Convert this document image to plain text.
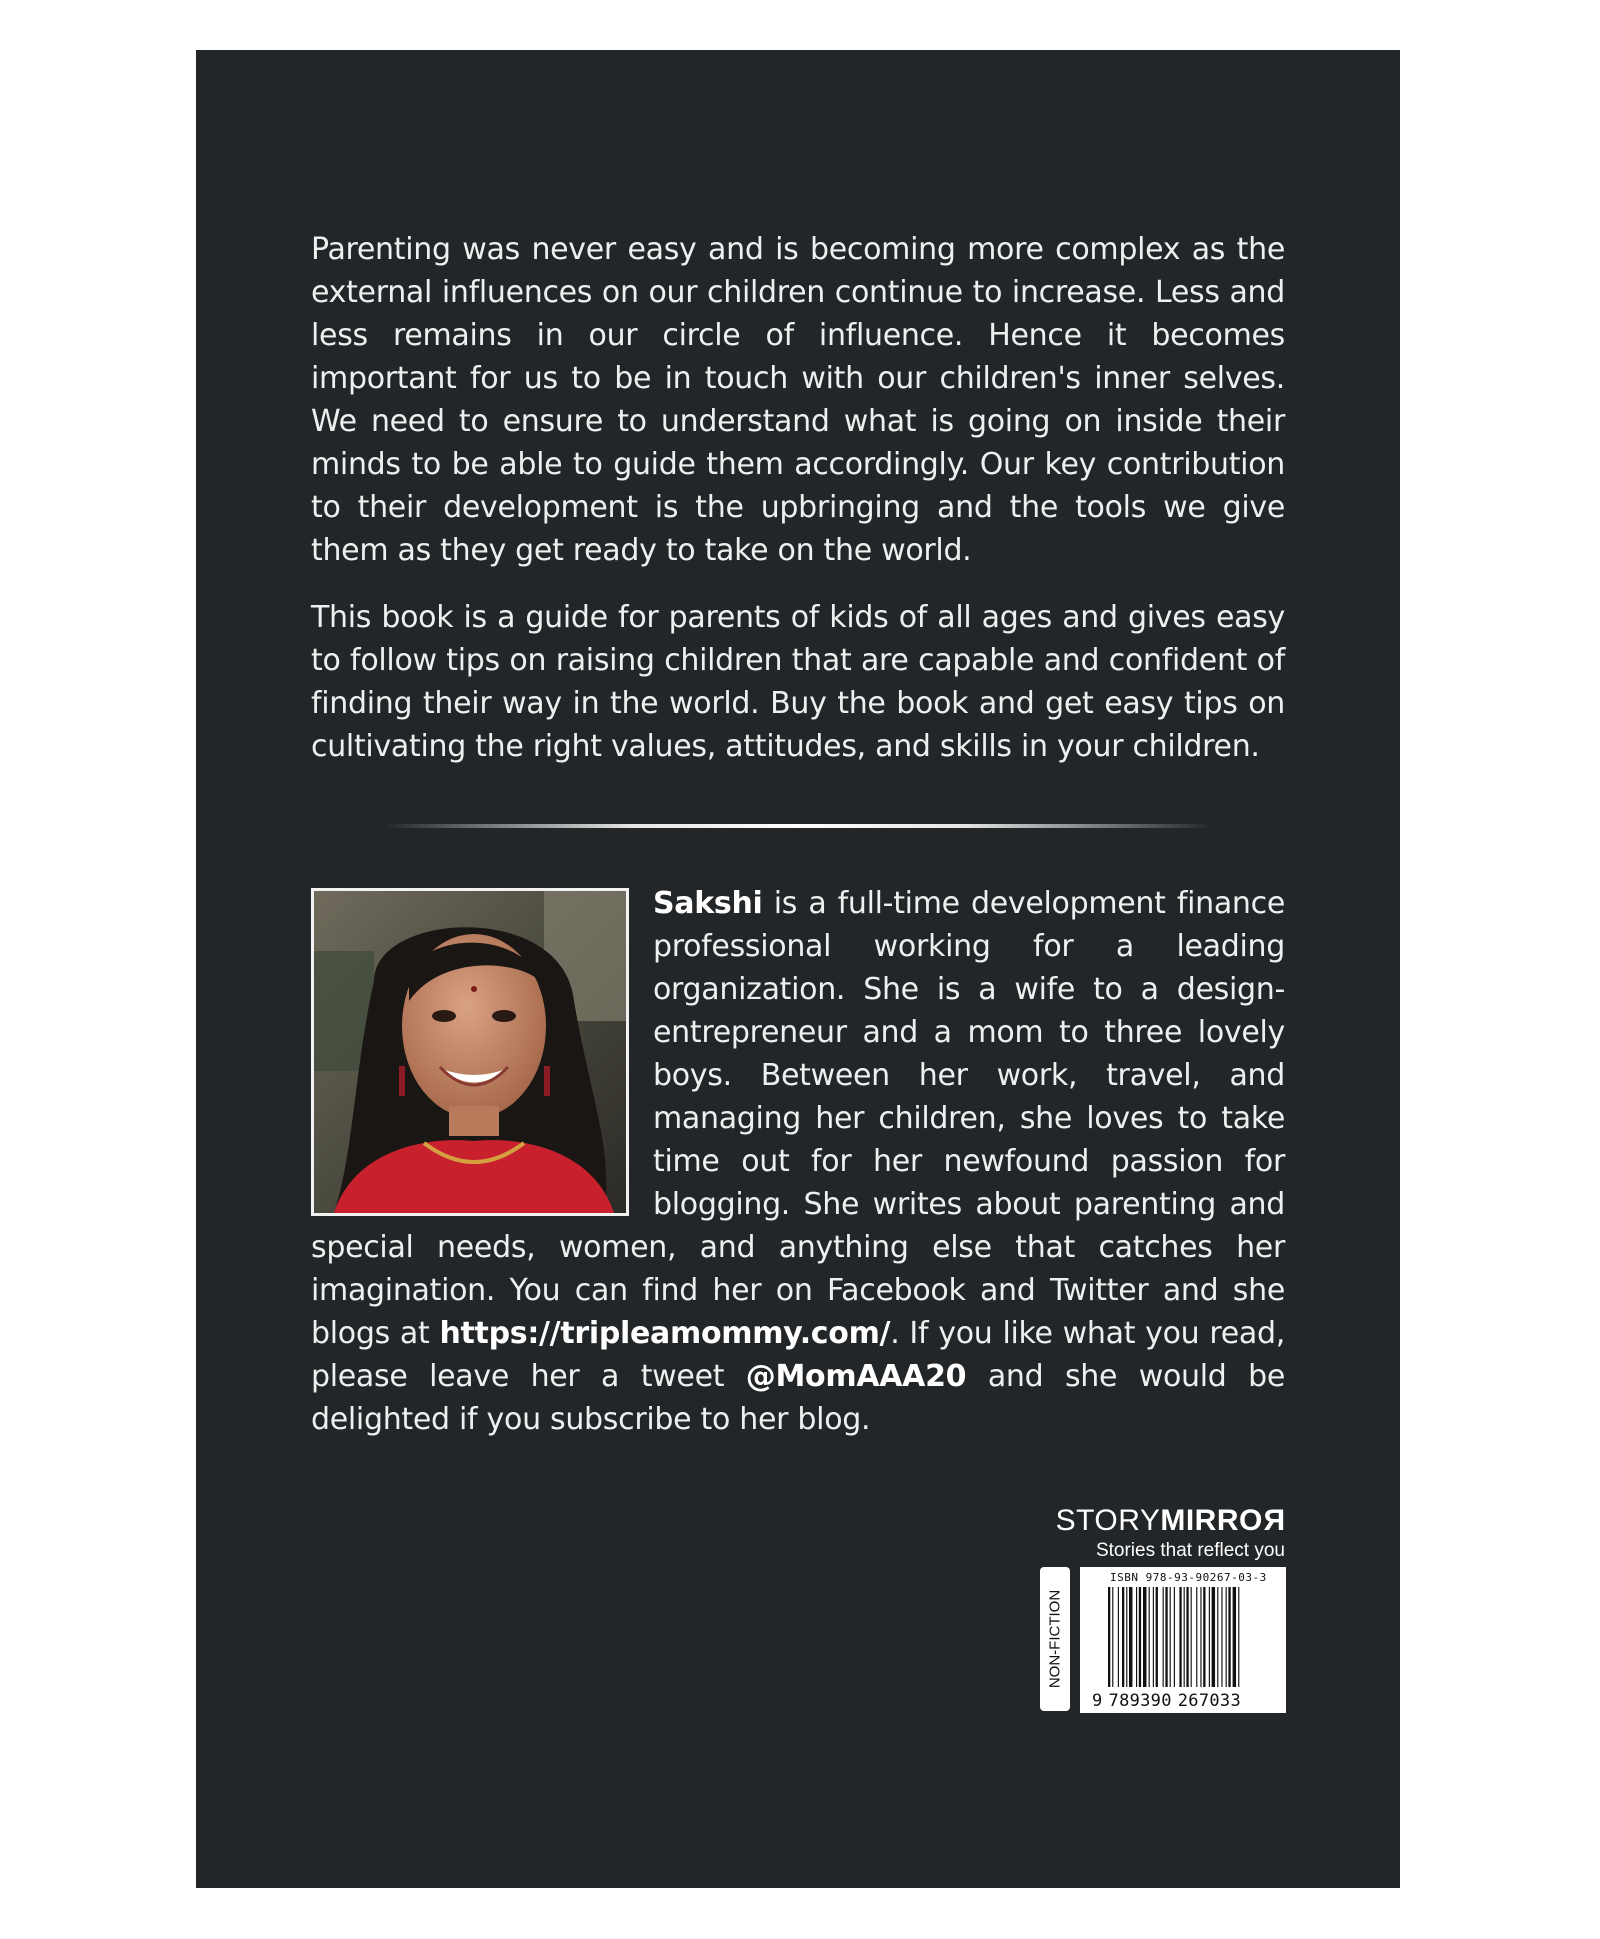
Parenting was never easy and is becoming more complex as the external influences on our children continue to increase. Less and less remains in our circle of influence. Hence it becomes important for us to be in touch with our children's inner selves. We need to ensure to understand what is going on inside their minds to be able to guide them accordingly. Our key contribution to their development is the upbringing and the tools we give them as they get ready to take on the world.

This book is a guide for parents of kids of all ages and gives easy to follow tips on raising children that are capable and confident of finding their way in the world. Buy the book and get easy tips on cultivating the right values, attitudes, and skills in your children.

Sakshi is a full-time development finance professional working for a leading organization. She is a wife to a design-entrepreneur and a mom to three lovely boys. Between her work, travel, and managing her children, she loves to take time out for her newfound passion for blogging. She writes about parenting and special needs, women, and anything else that catches her imagination. You can find her on Facebook and Twitter and she blogs at https://tripleamommy.com/. If you like what you read, please leave her a tweet @MomAAA20 and she would be delighted if you subscribe to her blog.

STORYMIRROR
Stories that reflect you
NON-FICTION
ISBN 978-93-90267-03-3
9 789390 267033
